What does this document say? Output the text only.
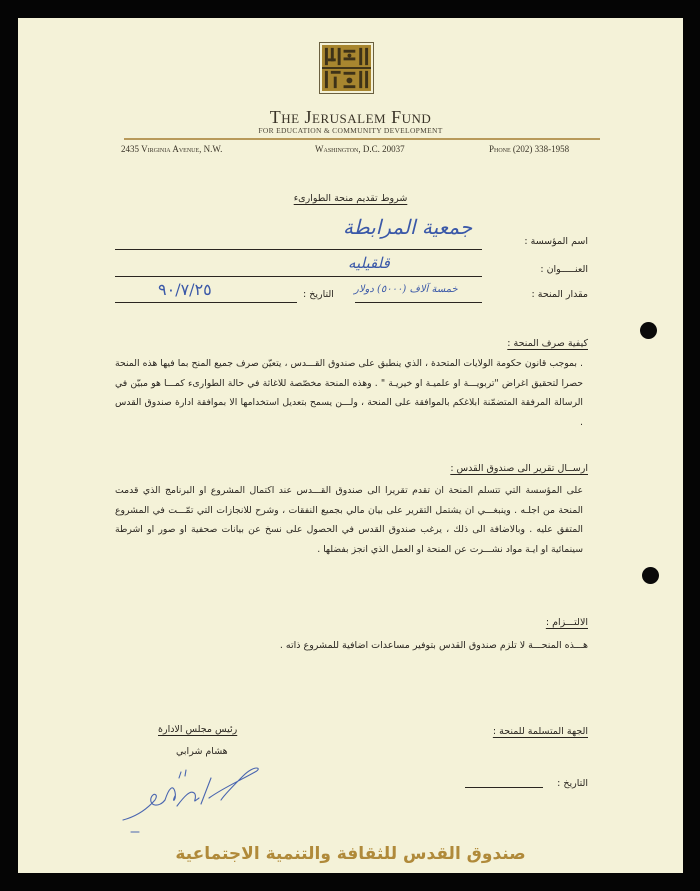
The Jerusalem Fund
FOR EDUCATION & COMMUNITY DEVELOPMENT
2435 Virginia Avenue, N.W.	Washington, D.C. 20037	Phone (202) 338-1958
شروط تقديم منحة الطوارىء
اسم المؤسسة :
جمعية المرابطة
العنـــــوان :
قلقيليه
مقدار المنحة :
خمسة آلاف (٥٠٠٠) دولار
التاريخ :
٩٠/٧/٢٥
كيفية صرف المنحة :
. بموجب قانون حكومة الولايات المتحدة ، الذي ينطبق على صندوق القـــدس ، يتعيّن صرف جميع المنح بما فيها هذه المنحة حصرا لتحقيق اغراض "تربويـــة او علميـة او خيريـة " . وهذه المنحة مخصّصة للاغاثة في حالة الطوارىء كمـــا هو مبيّن في الرسالة المرفقة المتضمّنة ابلاغكم بالموافقة على المنحة ، ولـــن يسمح بتعديل استخدامها الا بموافقة ادارة صندوق القدس .
ارســال تقرير الى صندوق القدس :
على المؤسسة التي تتسلم المنحة ان تقدم تقريرا الى صندوق القـــدس عند اكتمال المشروع او البرنامج الذي قدمت المنحة من اجلـه . وينبغـــي ان يشتمل التقرير على بيان مالي بجميع النفقات ، وشرح للانجازات التي تمّـــت في المشروع المتفق عليه . وبالاضافة الى ذلك ، يرغب صندوق القدس في الحصول على نسخ عن بيانات صحفية او صور او اشرطة سينمائية او ايـة مواد نشـــرت عن المنحة او العمل الذي انجز بفضلها .
الالتـــزام :
هـــذه المنحـــة لا تلزم صندوق القدس بتوفير مساعدات اضافية للمشروع ذاته .
الجهة المتسلمة للمنحة :
التاريخ :
رئيس مجلس الادارة
هشام شرابي
صندوق القدس للثقافة والتنمية الاجتماعية
